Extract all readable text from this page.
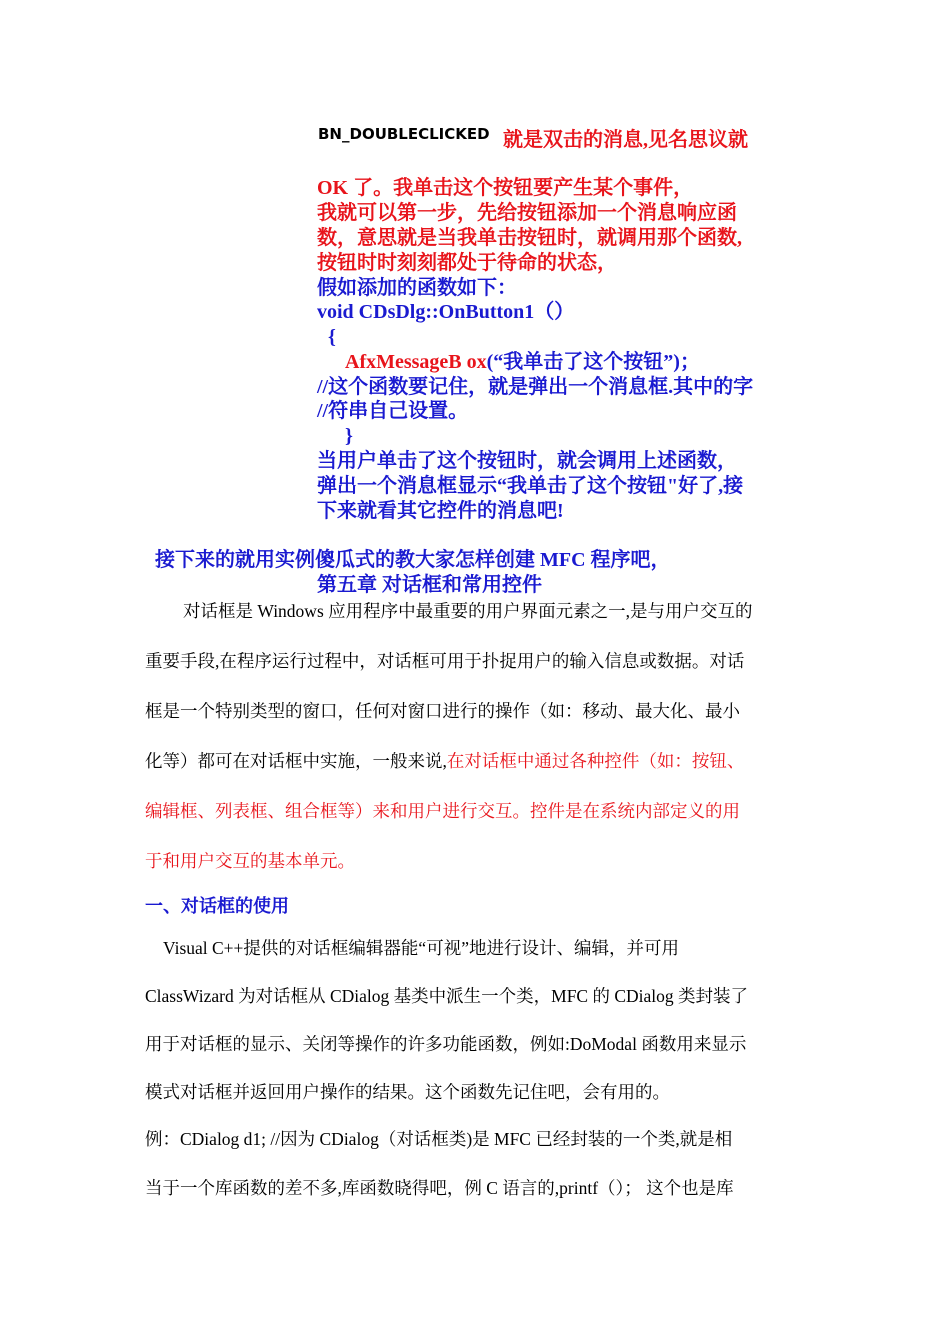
BN_DOUBLECLICKED 就是双击的消息,见名思议就
OK 了。我单击这个按钮要产生某个事件，
我就可以第一步，先给按钮添加一个消息响应函
数，意思就是当我单击按钮时，就调用那个函数,
按钮时时刻刻都处于待命的状态，
假如添加的函数如下：
void CDsDlg::OnButton1（）
{
AfxMessageB ox(“我单击了这个按钮”)；
//这个函数要记住，就是弹出一个消息框.其中的字
//符串自己设置。
}
当用户单击了这个按钮时，就会调用上述函数，
弹出一个消息框显示“我单击了这个按钮"好了,接
下来就看其它控件的消息吧!
接下来的就用实例傻瓜式的教大家怎样创建 MFC 程序吧，
第五章 对话框和常用控件
对话框是 Windows 应用程序中最重要的用户界面元素之一,是与用户交互的
重要手段,在程序运行过程中，对话框可用于扑捉用户的输入信息或数据。对话
框是一个特别类型的窗口，任何对窗口进行的操作（如：移动、最大化、最小
化等）都可在对话框中实施，一般来说,在对话框中通过各种控件（如：按钮、
编辑框、列表框、组合框等）来和用户进行交互。控件是在系统内部定义的用
于和用户交互的基本单元。
一、对话框的使用
Visual C++提供的对话框编辑器能“可视”地进行设计、编辑，并可用
ClassWizard 为对话框从 CDialog 基类中派生一个类，MFC 的 CDialog 类封装了
用于对话框的显示、关闭等操作的许多功能函数，例如:DoModal 函数用来显示
模式对话框并返回用户操作的结果。这个函数先记住吧，会有用的。
例：CDialog d1; //因为 CDialog（对话框类)是 MFC 已经封装的一个类,就是相
当于一个库函数的差不多,库函数晓得吧，例 C 语言的,printf（）； 这个也是库
